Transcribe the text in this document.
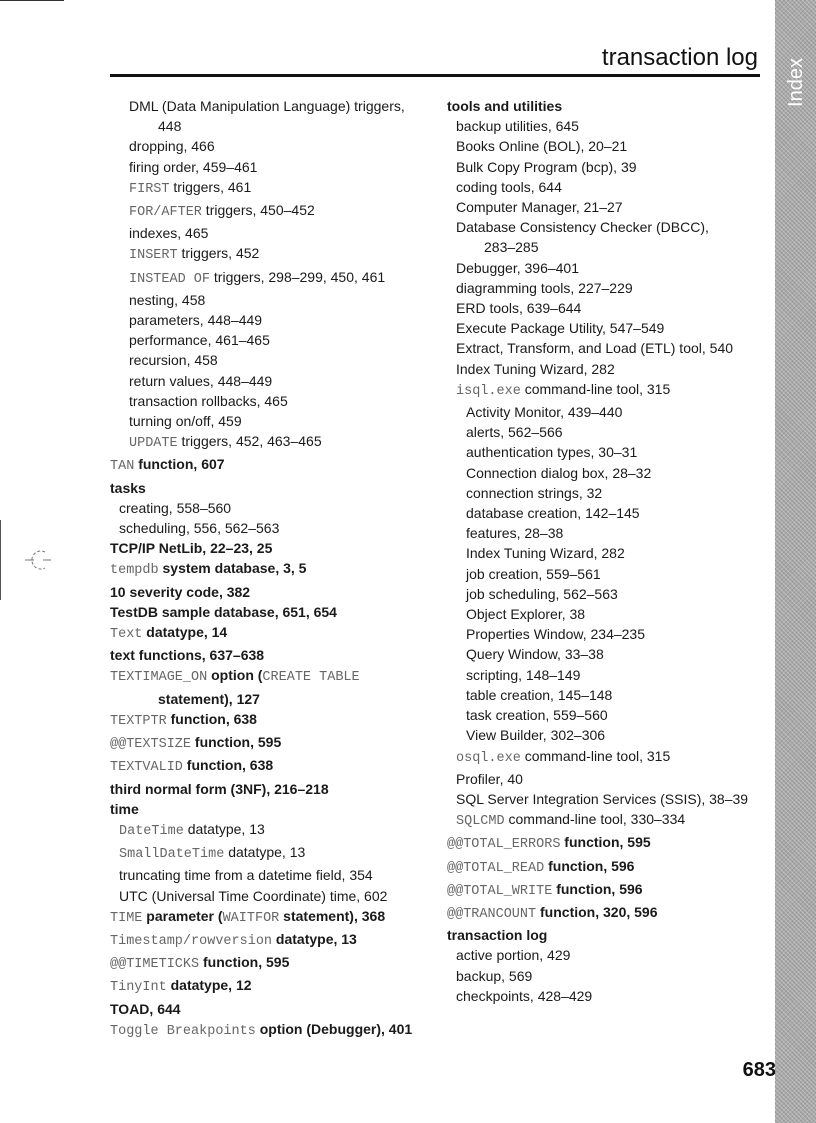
transaction log
Index
DML (Data Manipulation Language) triggers,
448
dropping, 466
firing order, 459–461
FIRST triggers, 461
FOR/AFTER triggers, 450–452
indexes, 465
INSERT triggers, 452
INSTEAD OF triggers, 298–299, 450, 461
nesting, 458
parameters, 448–449
performance, 461–465
recursion, 458
return values, 448–449
transaction rollbacks, 465
turning on/off, 459
UPDATE triggers, 452, 463–465
TAN function, 607
tasks
creating, 558–560
scheduling, 556, 562–563
TCP/IP NetLib, 22–23, 25
tempdb system database, 3, 5
10 severity code, 382
TestDB sample database, 651, 654
Text datatype, 14
text functions, 637–638
TEXTIMAGE_ON option (CREATE TABLE
statement), 127
TEXTPTR function, 638
@@TEXTSIZE function, 595
TEXTVALID function, 638
third normal form (3NF), 216–218
time
DateTime datatype, 13
SmallDateTime datatype, 13
truncating time from a datetime field, 354
UTC (Universal Time Coordinate) time, 602
TIME parameter (WAITFOR statement), 368
Timestamp/rowversion datatype, 13
@@TIMETICKS function, 595
TinyInt datatype, 12
TOAD, 644
Toggle Breakpoints option (Debugger), 401
tools and utilities
backup utilities, 645
Books Online (BOL), 20–21
Bulk Copy Program (bcp), 39
coding tools, 644
Computer Manager, 21–27
Database Consistency Checker (DBCC),
283–285
Debugger, 396–401
diagramming tools, 227–229
ERD tools, 639–644
Execute Package Utility, 547–549
Extract, Transform, and Load (ETL) tool, 540
Index Tuning Wizard, 282
isql.exe command-line tool, 315
Activity Monitor, 439–440
alerts, 562–566
authentication types, 30–31
Connection dialog box, 28–32
connection strings, 32
database creation, 142–145
features, 28–38
Index Tuning Wizard, 282
job creation, 559–561
job scheduling, 562–563
Object Explorer, 38
Properties Window, 234–235
Query Window, 33–38
scripting, 148–149
table creation, 145–148
task creation, 559–560
View Builder, 302–306
osql.exe command-line tool, 315
Profiler, 40
SQL Server Integration Services (SSIS), 38–39
SQLCMD command-line tool, 330–334
@@TOTAL_ERRORS function, 595
@@TOTAL_READ function, 596
@@TOTAL_WRITE function, 596
@@TRANCOUNT function, 320, 596
transaction log
active portion, 429
backup, 569
checkpoints, 428–429
683
